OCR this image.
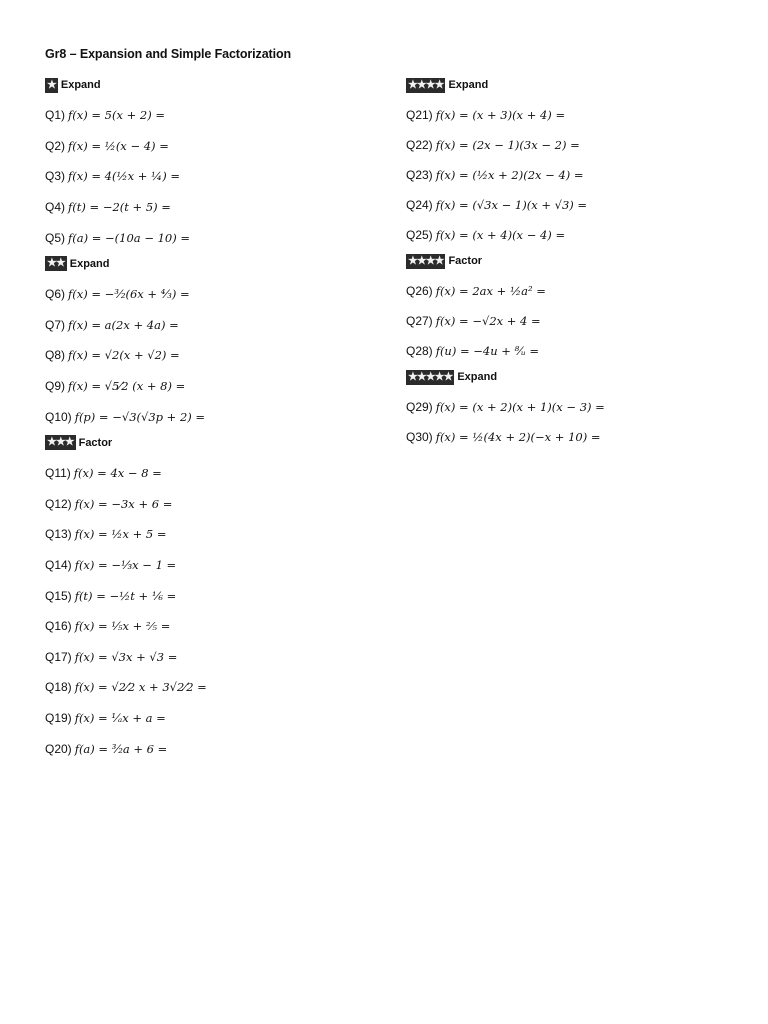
Gr8 – Expansion and Simple Factorization
★ Expand
Q1) f(x) = 5(x + 2) =
Q2) f(x) = ½(x − 4) =
Q3) f(x) = 4(½x + ¼) =
Q4) f(t) = −2(t + 5) =
Q5) f(a) = −(10a − 10) =
★★ Expand
Q6) f(x) = −³⁄₂(6x + ⁴⁄₃) =
Q7) f(x) = a(2x + 4a) =
Q8) f(x) = √2(x + √2) =
Q9) f(x) = √5⁄2 (x + 8) =
Q10) f(p) = −√3(√3p + 2) =
★★★ Factor
Q11) f(x) = 4x − 8 =
Q12) f(x) = −3x + 6 =
Q13) f(x) = ½x + 5 =
Q14) f(x) = −⅓x − 1 =
Q15) f(t) = −½t + ⅙ =
Q16) f(x) = ⅕x + ⅖ =
Q17) f(x) = √3x + √3 =
Q18) f(x) = √2⁄2 x + 3√2⁄2 =
Q19) f(x) = ¹⁄ₐx + a =
Q20) f(a) = ³⁄₂a + 6 =
★★★★ Expand
Q21) f(x) = (x + 3)(x + 4) =
Q22) f(x) = (2x − 1)(3x − 2) =
Q23) f(x) = (½x + 2)(2x − 4) =
Q24) f(x) = (√3x − 1)(x + √3) =
Q25) f(x) = (x + 4)(x − 4) =
★★★★ Factor
Q26) f(x) = 2ax + ½a² =
Q27) f(x) = −√2x + 4 =
Q28) f(u) = −4u + ⁸⁄ᵤ =
★★★★★ Expand
Q29) f(x) = (x + 2)(x + 1)(x − 3) =
Q30) f(x) = ½(4x + 2)(−x + 10) =
